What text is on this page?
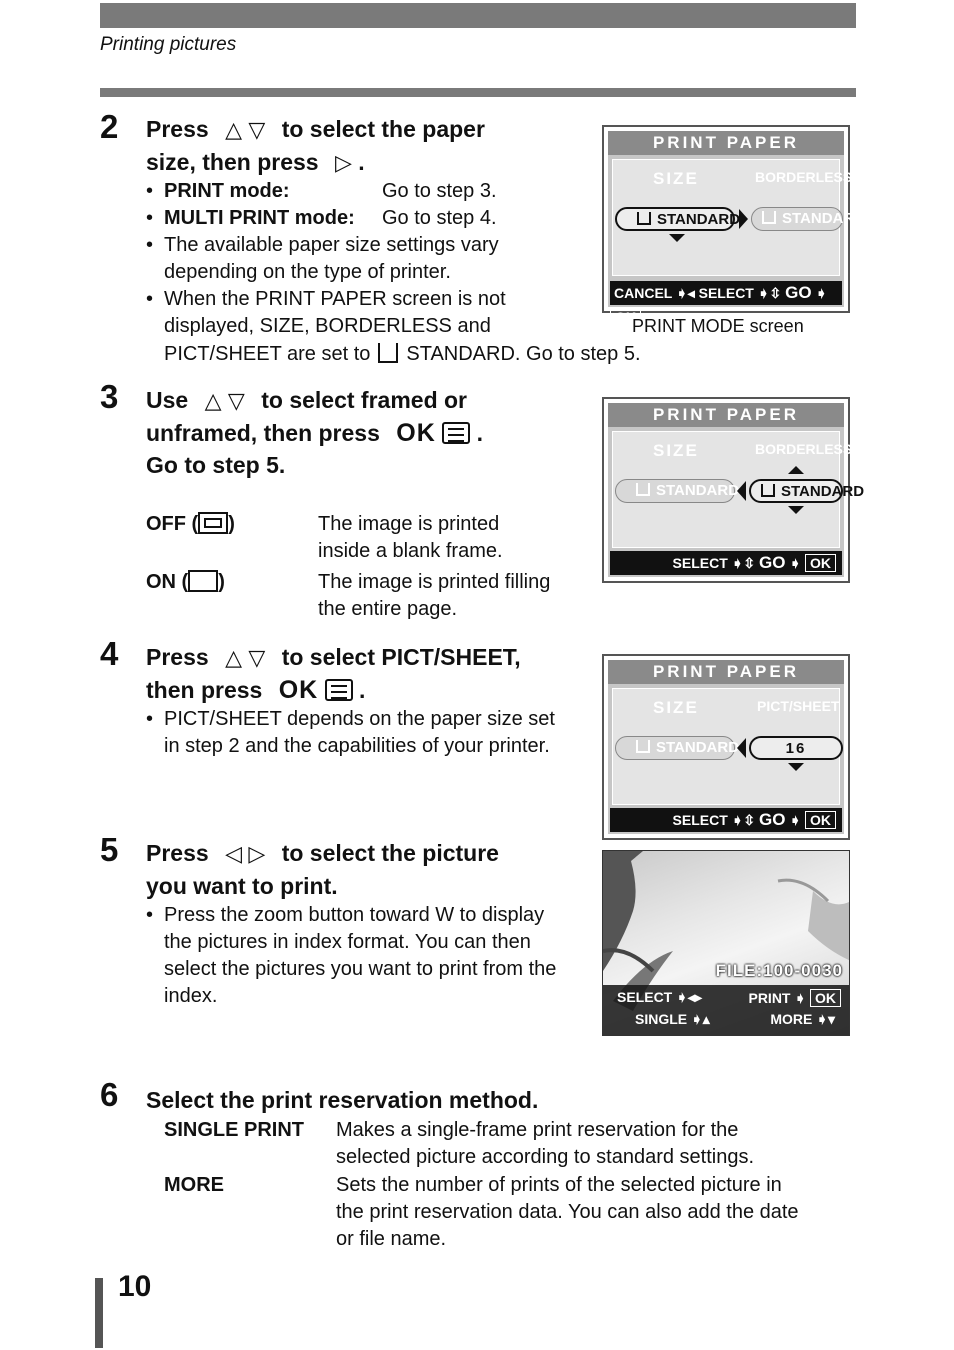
Printing pictures
2 Press △ ▽ to select the paper
size, then press ▷ .
• PRINT mode:	Go to step 3.
• MULTI PRINT mode: Go to step 4.
• The available paper size settings vary depending on the type of printer.
• When the PRINT PAPER screen is not displayed, SIZE, BORDERLESS and
PICT/SHEET are set to STANDARD. Go to step 5.
PRINT PAPER
SIZE	BORDERLESS
STANDARD	STANDARD
CANCEL ➧◂ SELECT ➧⇳ GO ➧ OK
PRINT MODE screen
3 Use △ ▽ to select framed or
unframed, then press OK .
Go to step 5.
OFF ( )	The image is printed
inside a blank frame.
ON ( )	The image is printed filling
the entire page.
PRINT PAPER
SIZE	BORDERLESS
STANDARD	STANDARD
SELECT ➧⇳ GO ➧ OK
4 Press △ ▽ to select PICT/SHEET,
then press OK .
• PICT/SHEET depends on the paper size set in step 2 and the capabilities of your printer.
PRINT PAPER
SIZE	PICT/SHEET
STANDARD	16
SELECT ➧⇳ GO ➧ OK
5 Press ◁ ▷ to select the picture
you want to print.
• Press the zoom button toward W to display the pictures in index format. You can then select the pictures you want to print from the index.
FILE:100-0030
SELECT ➧◂▸	PRINT ➧ OK
SINGLE ➧▴	MORE ➧▾
6 Select the print reservation method.
SINGLE PRINT Makes a single-frame print reservation for the
selected picture according to standard settings.
MORE	Sets the number of prints of the selected picture in
the print reservation data. You can also add the date
or file name.
10
